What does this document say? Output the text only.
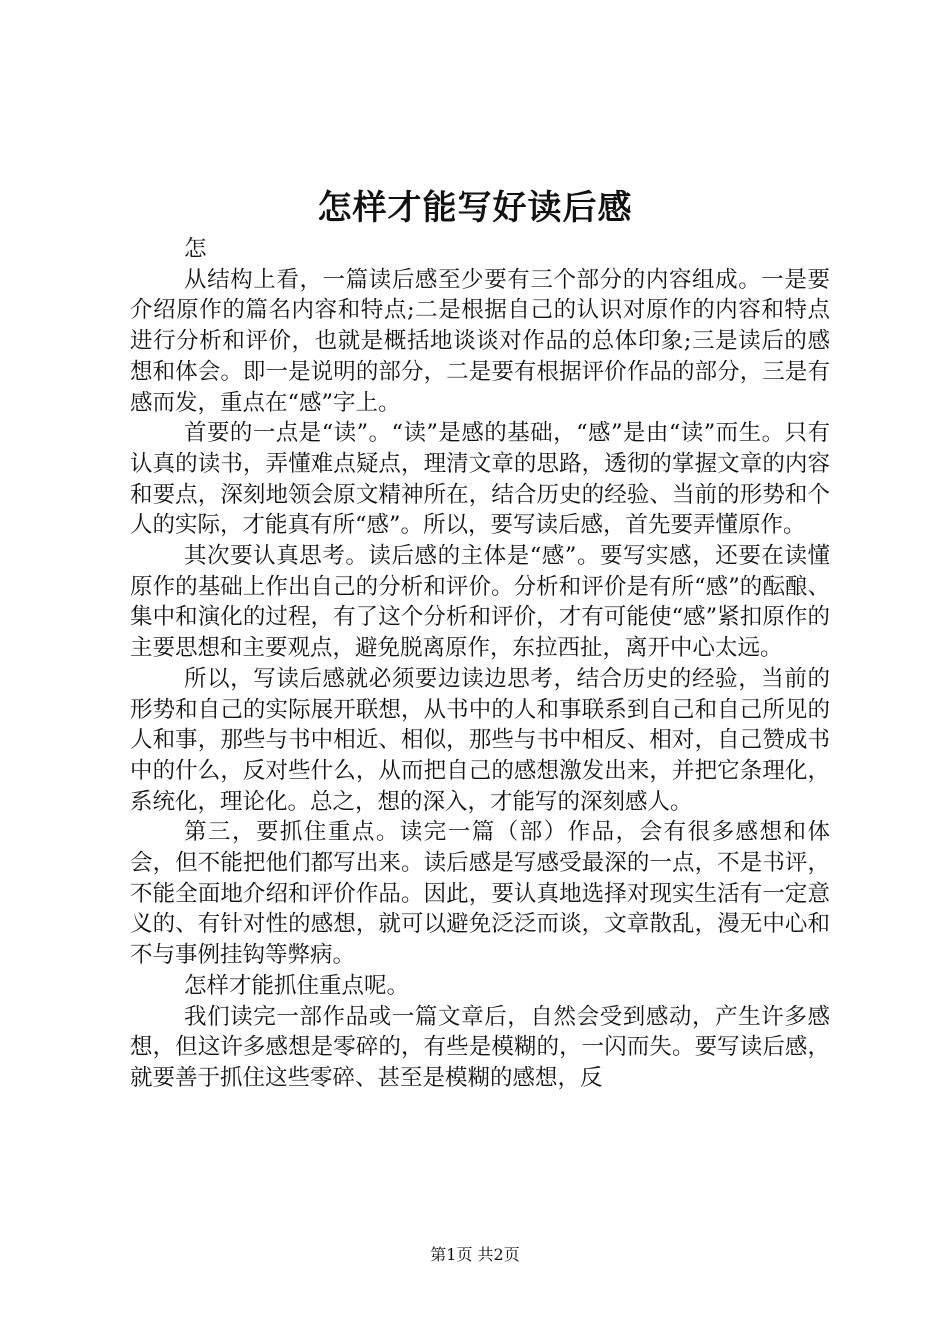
怎样才能写好读后感

怎

从结构上看，一篇读后感至少要有三个部分的内容组成。一是要介绍原作的篇名内容和特点;二是根据自己的认识对原作的内容和特点进行分析和评价，也就是概括地谈谈对作品的总体印象;三是读后的感想和体会。即一是说明的部分，二是要有根据评价作品的部分，三是有感而发，重点在“感”字上。

首要的一点是“读”。“读”是感的基础，“感”是由“读”而生。只有认真的读书，弄懂难点疑点，理清文章的思路，透彻的掌握文章的内容和要点，深刻地领会原文精神所在，结合历史的经验、当前的形势和个人的实际，才能真有所“感”。所以，要写读后感，首先要弄懂原作。

其次要认真思考。读后感的主体是“感”。要写实感，还要在读懂原作的基础上作出自己的分析和评价。分析和评价是有所“感”的酝酿、集中和演化的过程，有了这个分析和评价，才有可能使“感”紧扣原作的主要思想和主要观点，避免脱离原作，东拉西扯，离开中心太远。

所以，写读后感就必须要边读边思考，结合历史的经验，当前的形势和自己的实际展开联想，从书中的人和事联系到自己和自己所见的人和事，那些与书中相近、相似，那些与书中相反、相对，自己赞成书中的什么，反对些什么，从而把自己的感想激发出来，并把它条理化，系统化，理论化。总之，想的深入，才能写的深刻感人。

第三，要抓住重点。读完一篇（部）作品，会有很多感想和体会，但不能把他们都写出来。读后感是写感受最深的一点，不是书评，不能全面地介绍和评价作品。因此，要认真地选择对现实生活有一定意义的、有针对性的感想，就可以避免泛泛而谈，文章散乱，漫无中心和不与事例挂钩等弊病。

怎样才能抓住重点呢。

我们读完一部作品或一篇文章后，自然会受到感动，产生许多感想，但这许多感想是零碎的，有些是模糊的，一闪而失。要写读后感，就要善于抓住这些零碎、甚至是模糊的感想，反

第1页 共2页
